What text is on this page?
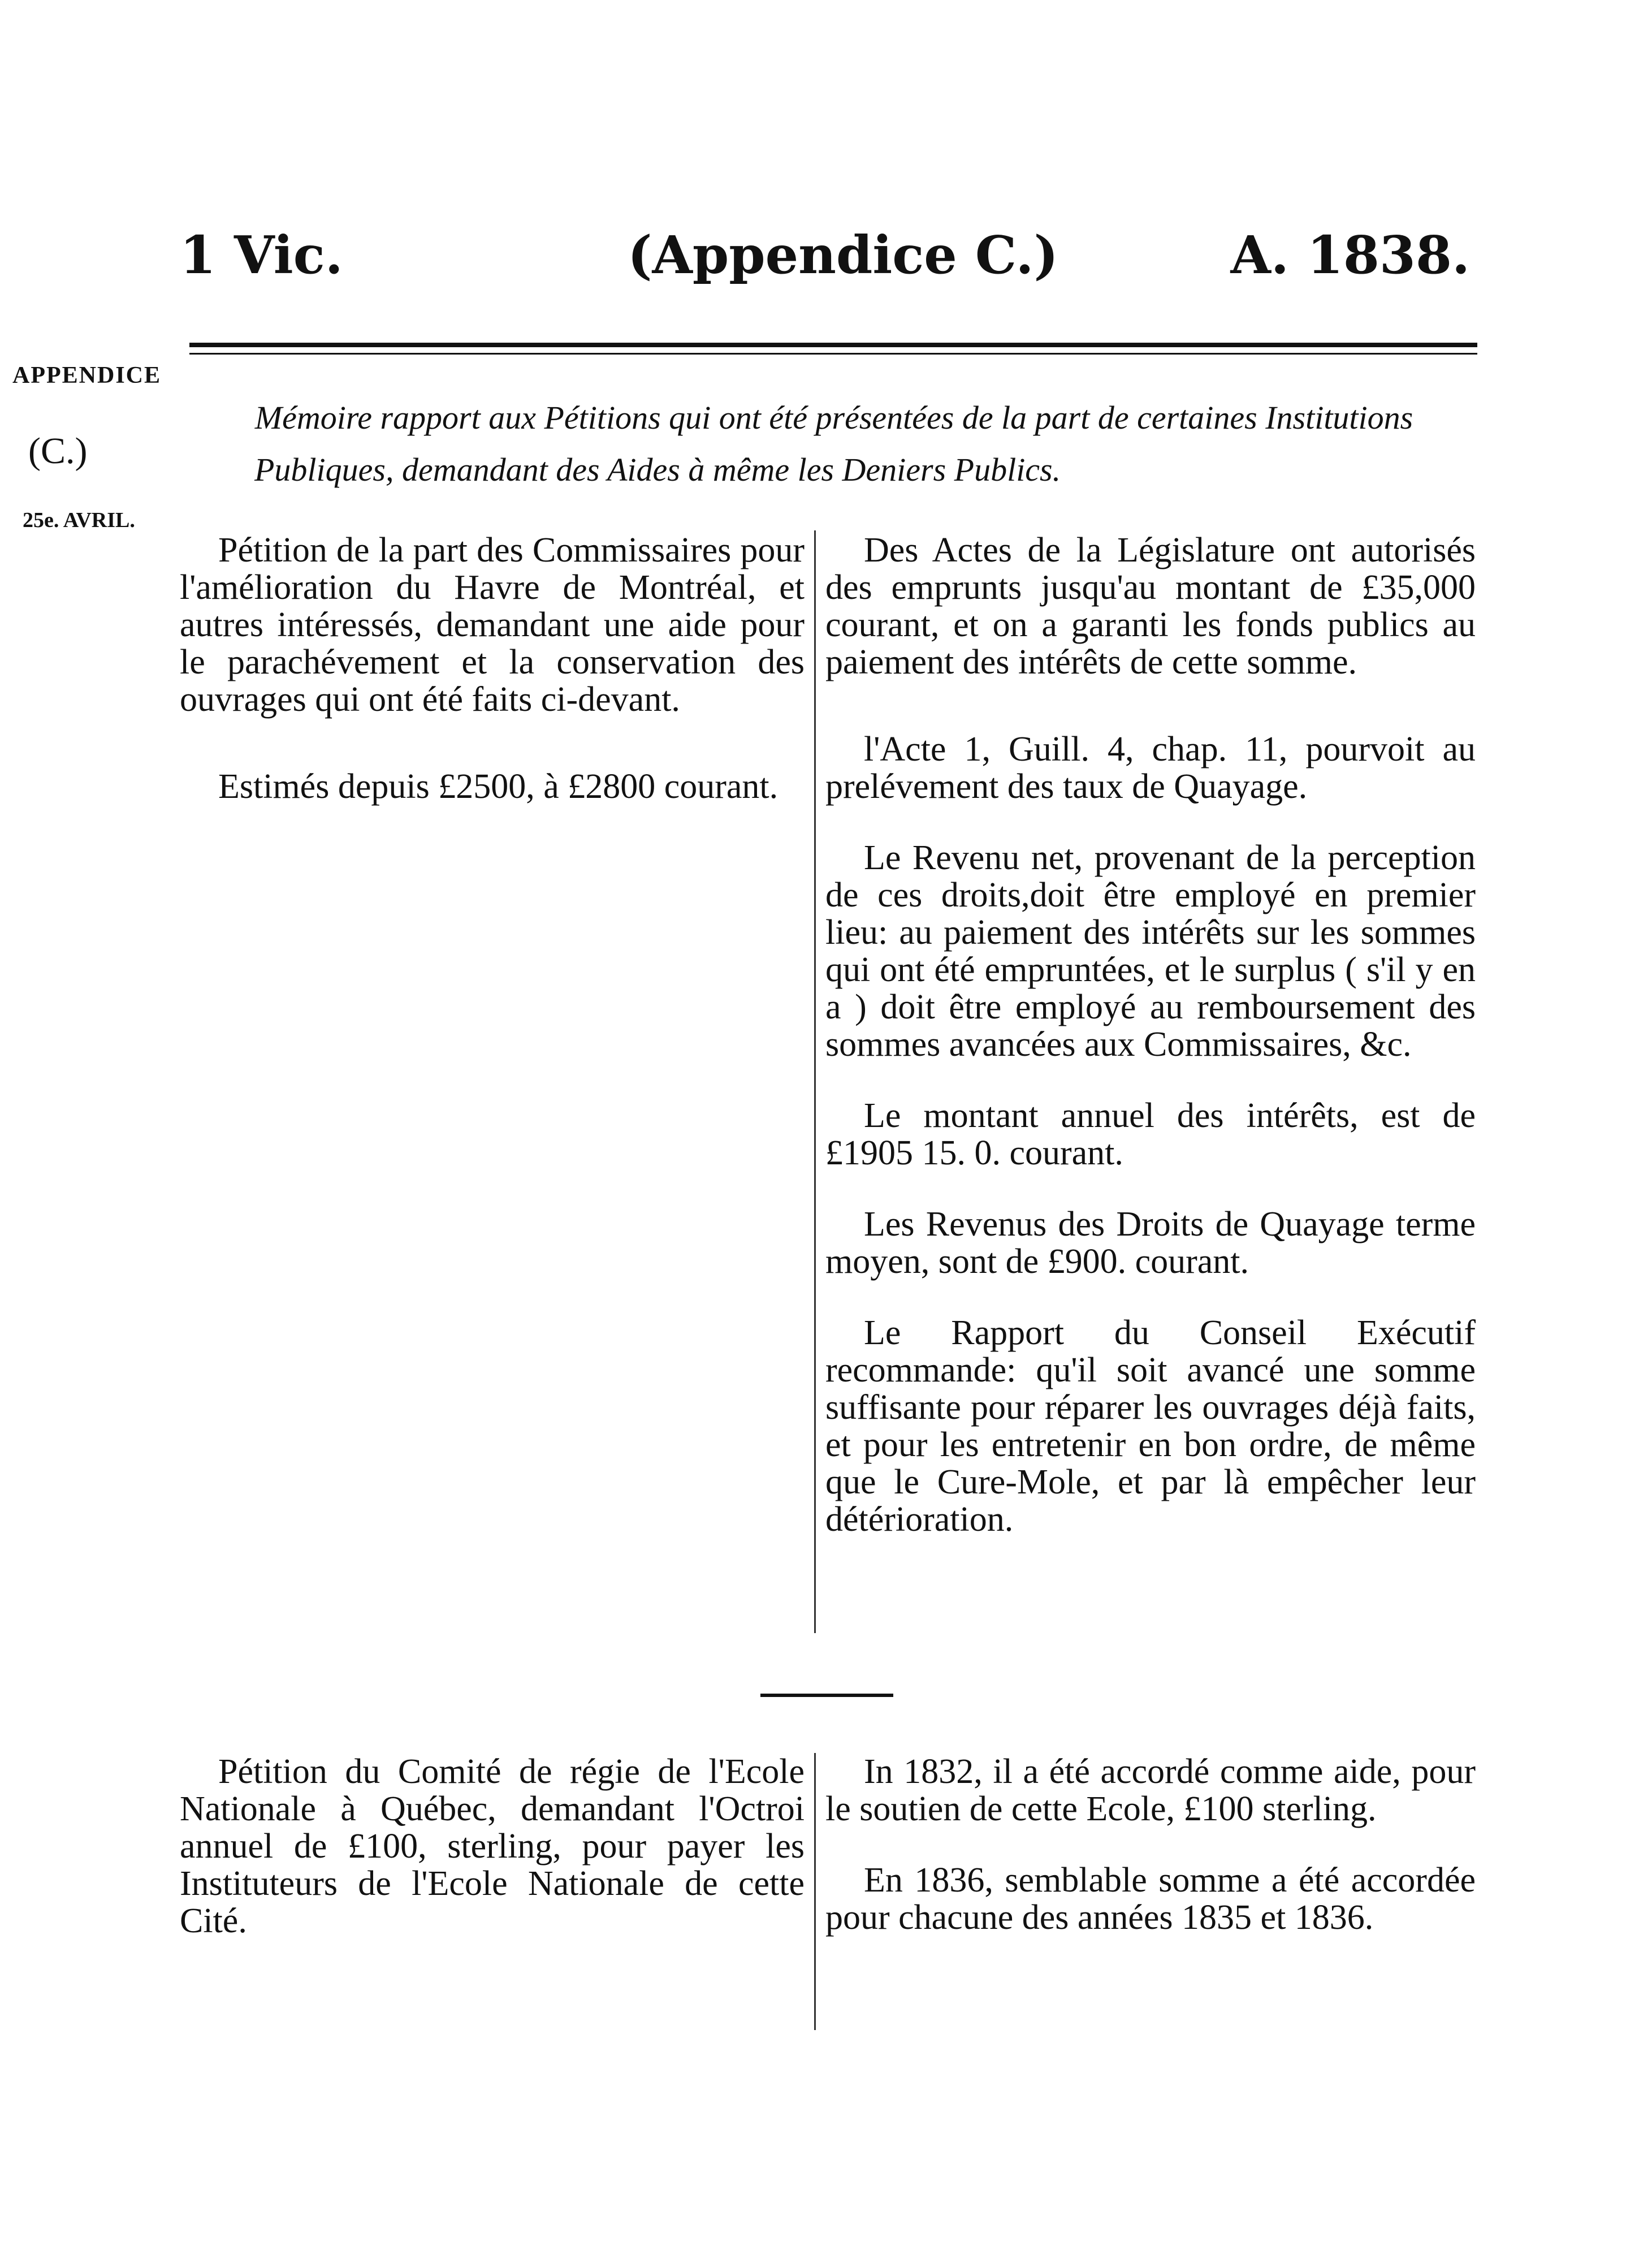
1 Vic.	(Appendice C.)	A. 1838.
APPENDICE
(C.)
25e. AVRIL.
Mémoire rapport aux Pétitions qui ont été présentées de la part de certaines Institutions
Publiques, demandant des Aides à même les Deniers Publics.

Pétition de la part des Commissaires pour l'amélioration du Havre de Montréal, et autres intéressés, demandant une aide pour le parachévement et la conservation des ouvrages qui ont été faits ci-devant.

Estimés depuis £2500, à £2800 courant.

Des Actes de la Législature ont autorisés des emprunts jusqu'au montant de £35,000 courant, et on a garanti les fonds publics au paiement des intérêts de cette somme.

l'Acte 1, Guill. 4, chap. 11, pourvoit au prelévement des taux de Quayage.

Le Revenu net, provenant de la perception de ces droits,doit être employé en premier lieu: au paiement des intérêts sur les sommes qui ont été empruntées, et le surplus ( s'il y en a ) doit être employé au remboursement des sommes avancées aux Commissaires, &c.

Le montant annuel des intérêts, est de £1905 15. 0. courant.

Les Revenus des Droits de Quayage terme moyen, sont de £900. courant.

Le Rapport du Conseil Exécutif recommande: qu'il soit avancé une somme suffisante pour réparer les ouvrages déjà faits, et pour les entretenir en bon ordre, de même que le Cure-Mole, et par là empêcher leur détérioration.

Pétition du Comité de régie de l'Ecole Nationale à Québec, demandant l'Octroi annuel de £100, sterling, pour payer les Instituteurs de l'Ecole Nationale de cette Cité.

In 1832, il a été accordé comme aide, pour le soutien de cette Ecole, £100 sterling.

En 1836, semblable somme a été accordée pour chacune des années 1835 et 1836.
